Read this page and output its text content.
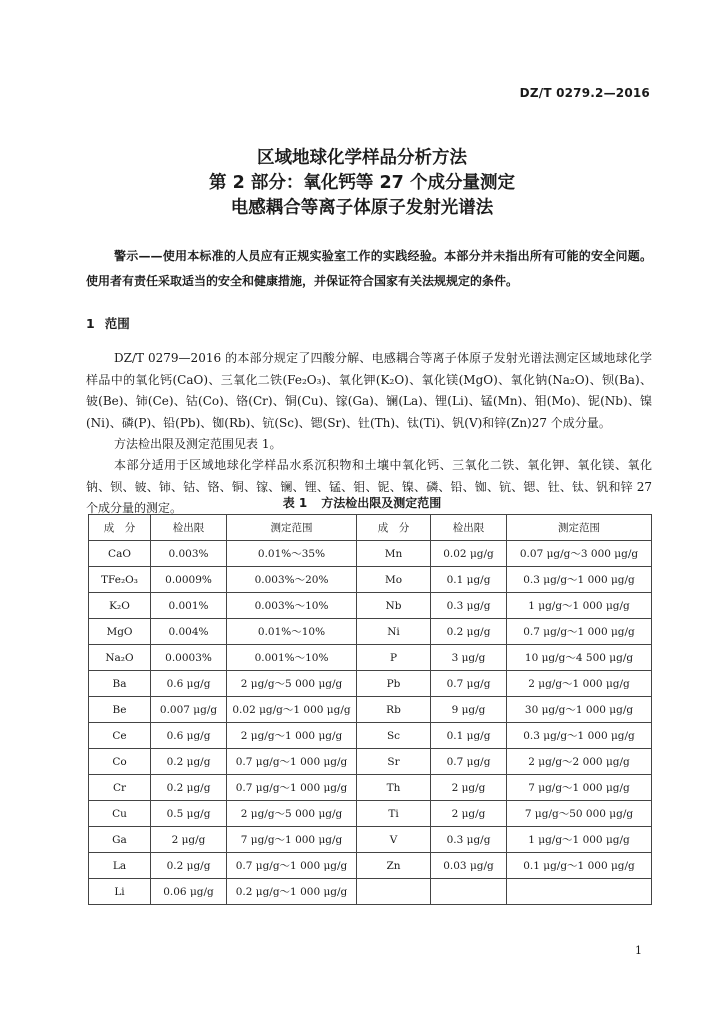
DZ/T 0279.2—2016
区域地球化学样品分析方法
第 2 部分：氧化钙等 27 个成分量测定
电感耦合等离子体原子发射光谱法
警示——使用本标准的人员应有正规实验室工作的实践经验。本部分并未指出所有可能的安全问题。使用者有责任采取适当的安全和健康措施，并保证符合国家有关法规规定的条件。
1 范围
DZ/T 0279—2016 的本部分规定了四酸分解、电感耦合等离子体原子发射光谱法测定区域地球化学样品中的氧化钙(CaO)、三氧化二铁(Fe₂O₃)、氧化钾(K₂O)、氧化镁(MgO)、氧化钠(Na₂O)、钡(Ba)、铍(Be)、铈(Ce)、钴(Co)、铬(Cr)、铜(Cu)、镓(Ga)、镧(La)、锂(Li)、锰(Mn)、钼(Mo)、铌(Nb)、镍(Ni)、磷(P)、铅(Pb)、铷(Rb)、钪(Sc)、锶(Sr)、钍(Th)、钛(Ti)、钒(V)和锌(Zn)27 个成分量。
方法检出限及测定范围见表 1。
本部分适用于区域地球化学样品水系沉积物和土壤中氧化钙、三氧化二铁、氧化钾、氧化镁、氧化钠、钡、铍、铈、钴、铬、铜、镓、镧、锂、锰、钼、铌、镍、磷、铅、铷、钪、锶、钍、钛、钒和锌 27 个成分量的测定。	表 1 方法检出限及测定范围
成　分	检出限	测定范围	成　分	检出限	测定范围
CaO	0.003%	0.01%～35%	Mn	0.02 μg/g	0.07 μg/g～3 000 μg/g
TFe₂O₃	0.0009%	0.003%～20%	Mo	0.1 μg/g	0.3 μg/g～1 000 μg/g
K₂O	0.001%	0.003%～10%	Nb	0.3 μg/g	1 μg/g～1 000 μg/g
MgO	0.004%	0.01%～10%	Ni	0.2 μg/g	0.7 μg/g～1 000 μg/g
Na₂O	0.0003%	0.001%～10%	P	3 μg/g	10 μg/g～4 500 μg/g
Ba	0.6 μg/g	2 μg/g～5 000 μg/g	Pb	0.7 μg/g	2 μg/g～1 000 μg/g
Be	0.007 μg/g	0.02 μg/g～1 000 μg/g	Rb	9 μg/g	30 μg/g～1 000 μg/g
Ce	0.6 μg/g	2 μg/g～1 000 μg/g	Sc	0.1 μg/g	0.3 μg/g～1 000 μg/g
Co	0.2 μg/g	0.7 μg/g～1 000 μg/g	Sr	0.7 μg/g	2 μg/g～2 000 μg/g
Cr	0.2 μg/g	0.7 μg/g～1 000 μg/g	Th	2 μg/g	7 μg/g～1 000 μg/g
Cu	0.5 μg/g	2 μg/g～5 000 μg/g	Ti	2 μg/g	7 μg/g～50 000 μg/g
Ga	2 μg/g	7 μg/g～1 000 μg/g	V	0.3 μg/g	1 μg/g～1 000 μg/g
La	0.2 μg/g	0.7 μg/g～1 000 μg/g	Zn	0.03 μg/g	0.1 μg/g～1 000 μg/g
Li	0.06 μg/g	0.2 μg/g～1 000 μg/g			
1
